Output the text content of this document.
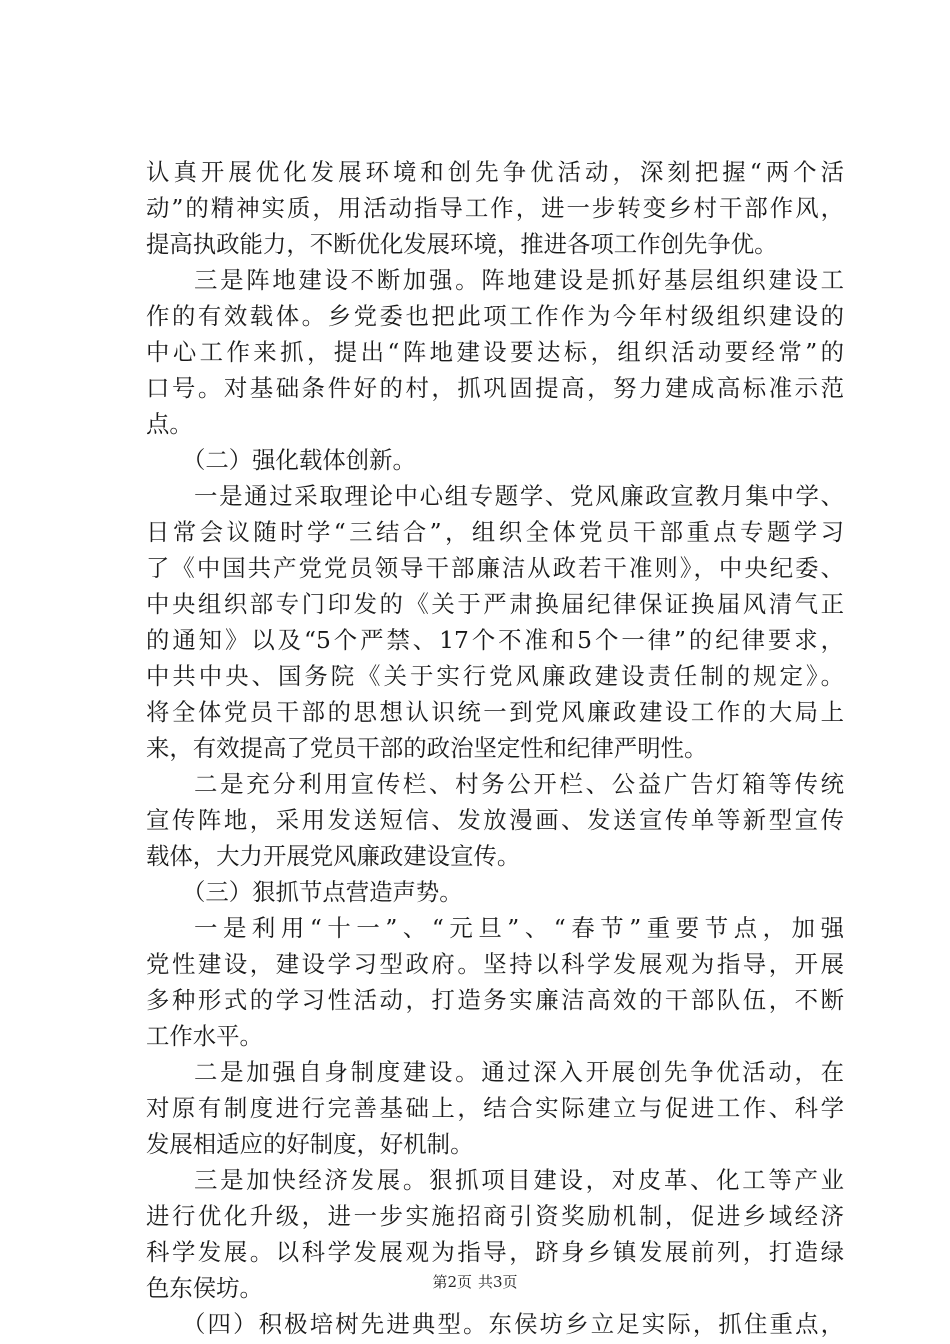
认真开展优化发展环境和创先争优活动，深刻把握“两个活
动”的精神实质，用活动指导工作，进一步转变乡村干部作风，
提高执政能力，不断优化发展环境，推进各项工作创先争优。
三是阵地建设不断加强。阵地建设是抓好基层组织建设工
作的有效载体。乡党委也把此项工作作为今年村级组织建设的
中心工作来抓，提出“阵地建设要达标，组织活动要经常”的
口号。对基础条件好的村，抓巩固提高，努力建成高标准示范
点。
（二）强化载体创新。
一是通过采取理论中心组专题学、党风廉政宣教月集中学、
日常会议随时学“三结合”，组织全体党员干部重点专题学习
了《中国共产党党员领导干部廉洁从政若干准则》，中央纪委、
中央组织部专门印发的《关于严肃换届纪律保证换届风清气正
的通知》以及“5个严禁、17个不准和5个一律”的纪律要求，
中共中央、国务院《关于实行党风廉政建设责任制的规定》。
将全体党员干部的思想认识统一到党风廉政建设工作的大局上
来，有效提高了党员干部的政治坚定性和纪律严明性。
二是充分利用宣传栏、村务公开栏、公益广告灯箱等传统
宣传阵地，采用发送短信、发放漫画、发送宣传单等新型宣传
载体，大力开展党风廉政建设宣传。
（三）狠抓节点营造声势。
一是利用“十一”、“元旦”、“春节”重要节点，加强
党性建设，建设学习型政府。坚持以科学发展观为指导，开展
多种形式的学习性活动，打造务实廉洁高效的干部队伍，不断
工作水平。
二是加强自身制度建设。通过深入开展创先争优活动，在
对原有制度进行完善基础上，结合实际建立与促进工作、科学
发展相适应的好制度，好机制。
三是加快经济发展。狠抓项目建设，对皮革、化工等产业
进行优化升级，进一步实施招商引资奖励机制，促进乡域经济
科学发展。以科学发展观为指导，跻身乡镇发展前列，打造绿
色东侯坊。
（四）积极培树先进典型。东侯坊乡立足实际，抓住重点，
第2页 共3页
